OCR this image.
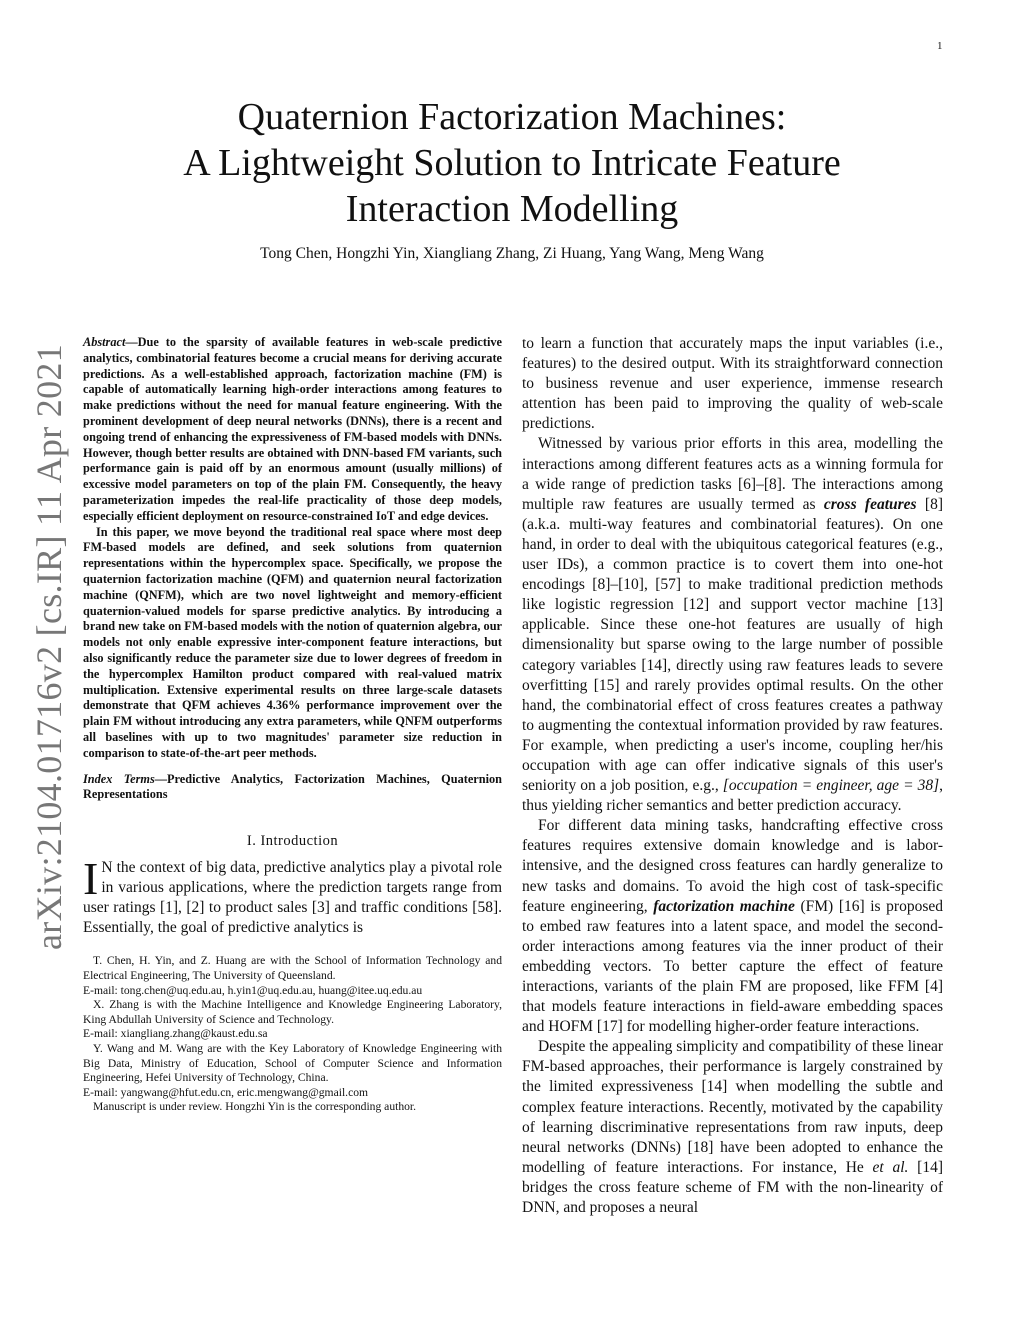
1
arXiv:2104.01716v2 [cs.IR] 11 Apr 2021
Quaternion Factorization Machines:
A Lightweight Solution to Intricate Feature
Interaction Modelling
Tong Chen, Hongzhi Yin, Xiangliang Zhang, Zi Huang, Yang Wang, Meng Wang

Abstract—Due to the sparsity of available features in web-scale predictive analytics, combinatorial features become a crucial means for deriving accurate predictions. As a well-established approach, factorization machine (FM) is capable of automatically learning high-order interactions among features to make predictions without the need for manual feature engineering. With the prominent development of deep neural networks (DNNs), there is a recent and ongoing trend of enhancing the expressiveness of FM-based models with DNNs. However, though better results are obtained with DNN-based FM variants, such performance gain is paid off by an enormous amount (usually millions) of excessive model parameters on top of the plain FM. Consequently, the heavy parameterization impedes the real-life practicality of those deep models, especially efficient deployment on resource-constrained IoT and edge devices.

In this paper, we move beyond the traditional real space where most deep FM-based models are defined, and seek solutions from quaternion representations within the hypercomplex space. Specifically, we propose the quaternion factorization machine (QFM) and quaternion neural factorization machine (QNFM), which are two novel lightweight and memory-efficient quaternion-valued models for sparse predictive analytics. By introducing a brand new take on FM-based models with the notion of quaternion algebra, our models not only enable expressive inter-component feature interactions, but also significantly reduce the parameter size due to lower degrees of freedom in the hypercomplex Hamilton product compared with real-valued matrix multiplication. Extensive experimental results on three large-scale datasets demonstrate that QFM achieves 4.36% performance improvement over the plain FM without introducing any extra parameters, while QNFM outperforms all baselines with up to two magnitudes' parameter size reduction in comparison to state-of-the-art peer methods.

Index Terms—Predictive Analytics, Factorization Machines, Quaternion Representations

I. Introduction

I N the context of big data, predictive analytics play a pivotal role in various applications, where the prediction targets range from user ratings [1], [2] to product sales [3] and traffic conditions [58]. Essentially, the goal of predictive analytics is

T. Chen, H. Yin, and Z. Huang are with the School of Information Technology and Electrical Engineering, The University of Queensland.

E-mail: tong.chen@uq.edu.au, h.yin1@uq.edu.au, huang@itee.uq.edu.au

X. Zhang is with the Machine Intelligence and Knowledge Engineering Laboratory, King Abdullah University of Science and Technology.

E-mail: xiangliang.zhang@kaust.edu.sa

Y. Wang and M. Wang are with the Key Laboratory of Knowledge Engineering with Big Data, Ministry of Education, School of Computer Science and Information Engineering, Hefei University of Technology, China.

E-mail: yangwang@hfut.edu.cn, eric.mengwang@gmail.com

Manuscript is under review. Hongzhi Yin is the corresponding author.

to learn a function that accurately maps the input variables (i.e., features) to the desired output. With its straightforward connection to business revenue and user experience, immense research attention has been paid to improving the quality of web-scale predictions.

Witnessed by various prior efforts in this area, modelling the interactions among different features acts as a winning formula for a wide range of prediction tasks [6]–[8]. The interactions among multiple raw features are usually termed as cross features [8] (a.k.a. multi-way features and combinatorial features). On one hand, in order to deal with the ubiquitous categorical features (e.g., user IDs), a common practice is to covert them into one-hot encodings [8]–[10], [57] to make traditional prediction methods like logistic regression [12] and support vector machine [13] applicable. Since these one-hot features are usually of high dimensionality but sparse owing to the large number of possible category variables [14], directly using raw features leads to severe overfitting [15] and rarely provides optimal results. On the other hand, the combinatorial effect of cross features creates a pathway to augmenting the contextual information provided by raw features. For example, when predicting a user's income, coupling her/his occupation with age can offer indicative signals of this user's seniority on a job position, e.g., [occupation = engineer, age = 38], thus yielding richer semantics and better prediction accuracy.

For different data mining tasks, handcrafting effective cross features requires extensive domain knowledge and is labor-intensive, and the designed cross features can hardly generalize to new tasks and domains. To avoid the high cost of task-specific feature engineering, factorization machine (FM) [16] is proposed to embed raw features into a latent space, and model the second-order interactions among features via the inner product of their embedding vectors. To better capture the effect of feature interactions, variants of the plain FM are proposed, like FFM [4] that models feature interactions in field-aware embedding spaces and HOFM [17] for modelling higher-order feature interactions.

Despite the appealing simplicity and compatibility of these linear FM-based approaches, their performance is largely constrained by the limited expressiveness [14] when modelling the subtle and complex feature interactions. Recently, motivated by the capability of learning discriminative representations from raw inputs, deep neural networks (DNNs) [18] have been adopted to enhance the modelling of feature interactions. For instance, He et al. [14] bridges the cross feature scheme of FM with the non-linearity of DNN, and proposes a neural
